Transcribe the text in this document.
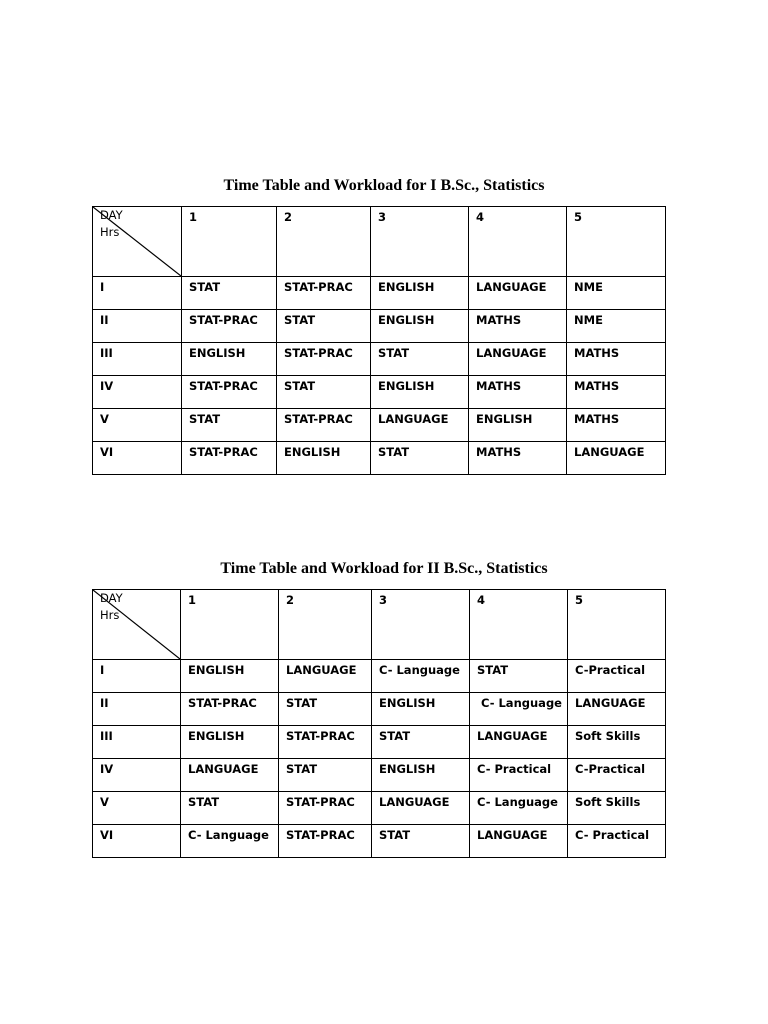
Time Table and Workload for I B.Sc., Statistics
DAY
Hrs	1	2	3	4	5
I	STAT	STAT-PRAC	ENGLISH	LANGUAGE	NME
II	STAT-PRAC	STAT	ENGLISH	MATHS	NME
III	ENGLISH	STAT-PRAC	STAT	LANGUAGE	MATHS
IV	STAT-PRAC	STAT	ENGLISH	MATHS	MATHS
V	STAT	STAT-PRAC	LANGUAGE	ENGLISH	MATHS
VI	STAT-PRAC	ENGLISH	STAT	MATHS	LANGUAGE
Time Table and Workload for II B.Sc., Statistics
DAY
Hrs	1	2	3	4	5
I	ENGLISH	LANGUAGE	C- Language	STAT	C-Practical
II	STAT-PRAC	STAT	ENGLISH	C- Language	LANGUAGE
III	ENGLISH	STAT-PRAC	STAT	LANGUAGE	Soft Skills
IV	LANGUAGE	STAT	ENGLISH	C- Practical	C-Practical
V	STAT	STAT-PRAC	LANGUAGE	C- Language	Soft Skills
VI	C- Language	STAT-PRAC	STAT	LANGUAGE	C- Practical
